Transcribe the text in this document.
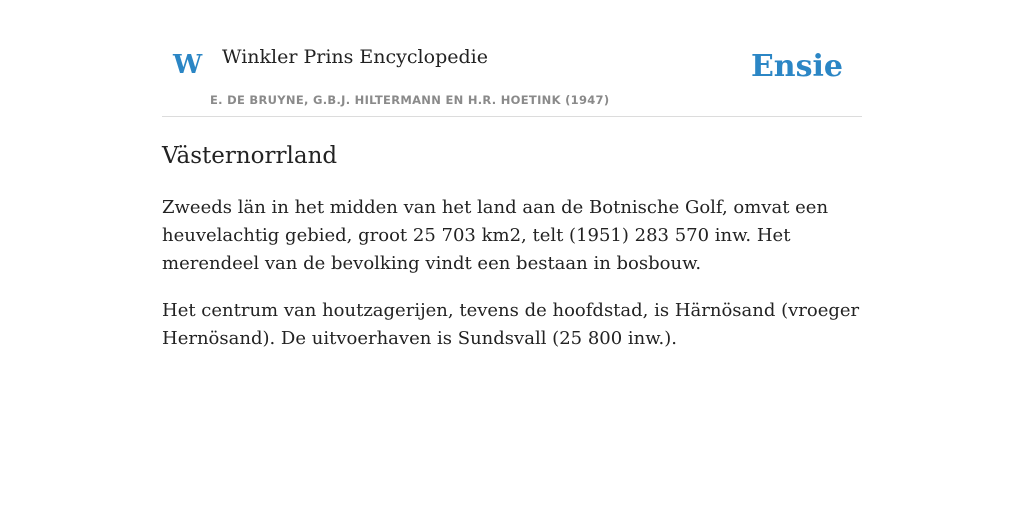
W Winkler Prins Encyclopedie
E. DE BRUYNE, G.B.J. HILTERMANN EN H.R. HOETINK (1947)
Ensie
Västernorrland

Zweeds län in het midden van het land aan de Botnische Golf, omvat een heuvelachtig gebied, groot 25 703 km2, telt (1951) 283 570 inw. Het merendeel van de bevolking vindt een bestaan in bosbouw.

Het centrum van houtzagerijen, tevens de hoofdstad, is Härnösand (vroeger Hernösand). De uitvoerhaven is Sundsvall (25 800 inw.).
